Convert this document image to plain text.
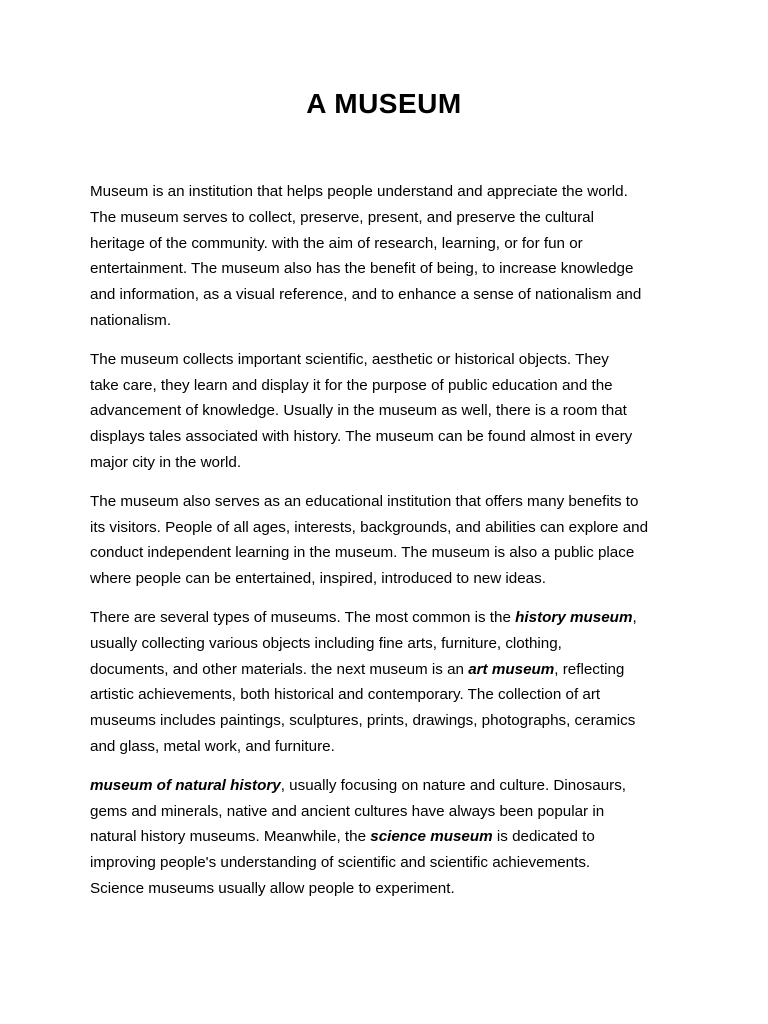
A MUSEUM

Museum is an institution that helps people understand and appreciate the world.
The museum serves to collect, preserve, present, and preserve the cultural
heritage of the community. with the aim of research, learning, or for fun or
entertainment. The museum also has the benefit of being, to increase knowledge
and information, as a visual reference, and to enhance a sense of nationalism and
nationalism.

The museum collects important scientific, aesthetic or historical objects. They
take care, they learn and display it for the purpose of public education and the
advancement of knowledge. Usually in the museum as well, there is a room that
displays tales associated with history. The museum can be found almost in every
major city in the world.

The museum also serves as an educational institution that offers many benefits to
its visitors. People of all ages, interests, backgrounds, and abilities can explore and
conduct independent learning in the museum. The museum is also a public place
where people can be entertained, inspired, introduced to new ideas.

There are several types of museums. The most common is the history museum,
usually collecting various objects including fine arts, furniture, clothing,
documents, and other materials. the next museum is an art museum, reflecting
artistic achievements, both historical and contemporary. The collection of art
museums includes paintings, sculptures, prints, drawings, photographs, ceramics
and glass, metal work, and furniture.

museum of natural history, usually focusing on nature and culture. Dinosaurs,
gems and minerals, native and ancient cultures have always been popular in
natural history museums. Meanwhile, the science museum is dedicated to
improving people's understanding of scientific and scientific achievements.
Science museums usually allow people to experiment.
